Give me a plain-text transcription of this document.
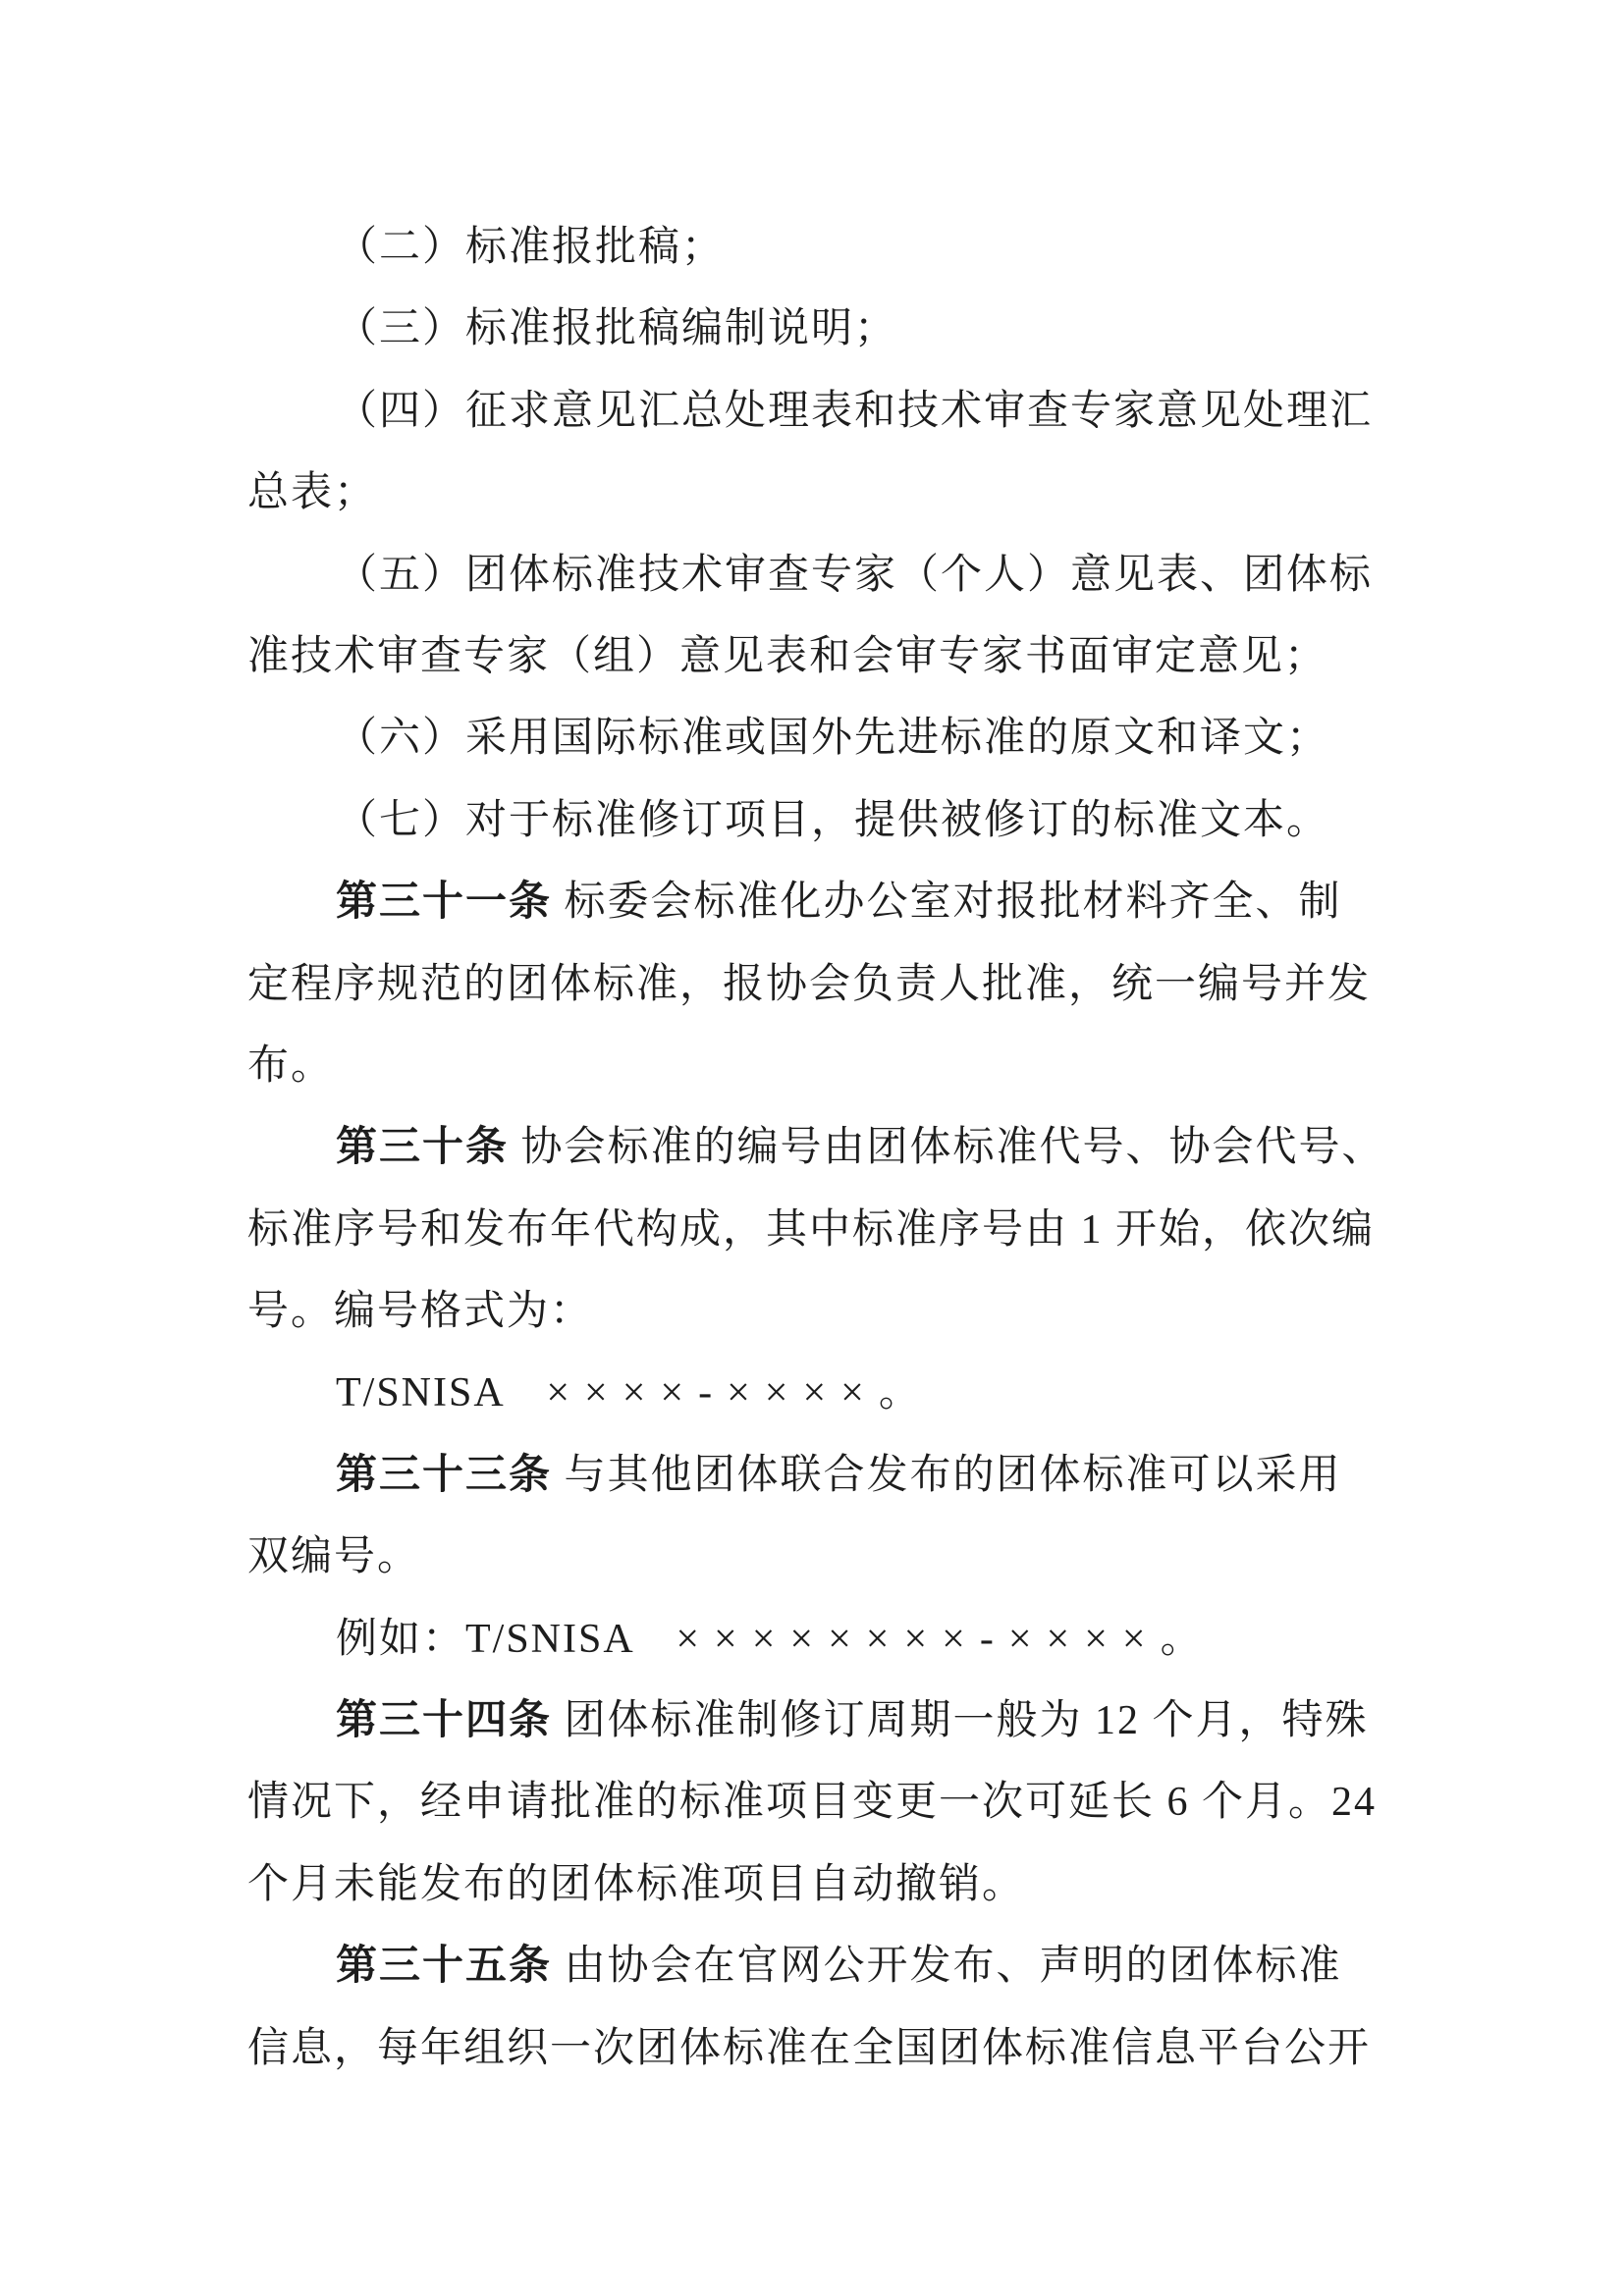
（二）标准报批稿；
（三）标准报批稿编制说明；
（四）征求意见汇总处理表和技术审查专家意见处理汇
总表；
（五）团体标准技术审查专家（个人）意见表、团体标
准技术审查专家（组）意见表和会审专家书面审定意见；
（六）采用国际标准或国外先进标准的原文和译文；
（七）对于标准修订项目，提供被修订的标准文本。
第三十一条 标委会标准化办公室对报批材料齐全、制
定程序规范的团体标准，报协会负责人批准，统一编号并发
布。
第三十条 协会标准的编号由团体标准代号、协会代号、
标准序号和发布年代构成，其中标准序号由 1 开始，依次编
号。编号格式为：
T/SNISA　××××-××××。
第三十三条 与其他团体联合发布的团体标准可以采用
双编号。
例如：T/SNISA　××××××××-××××。
第三十四条 团体标准制修订周期一般为 12 个月，特殊
情况下，经申请批准的标准项目变更一次可延长 6 个月。24
个月未能发布的团体标准项目自动撤销。
第三十五条 由协会在官网公开发布、声明的团体标准
信息，每年组织一次团体标准在全国团体标准信息平台公开
